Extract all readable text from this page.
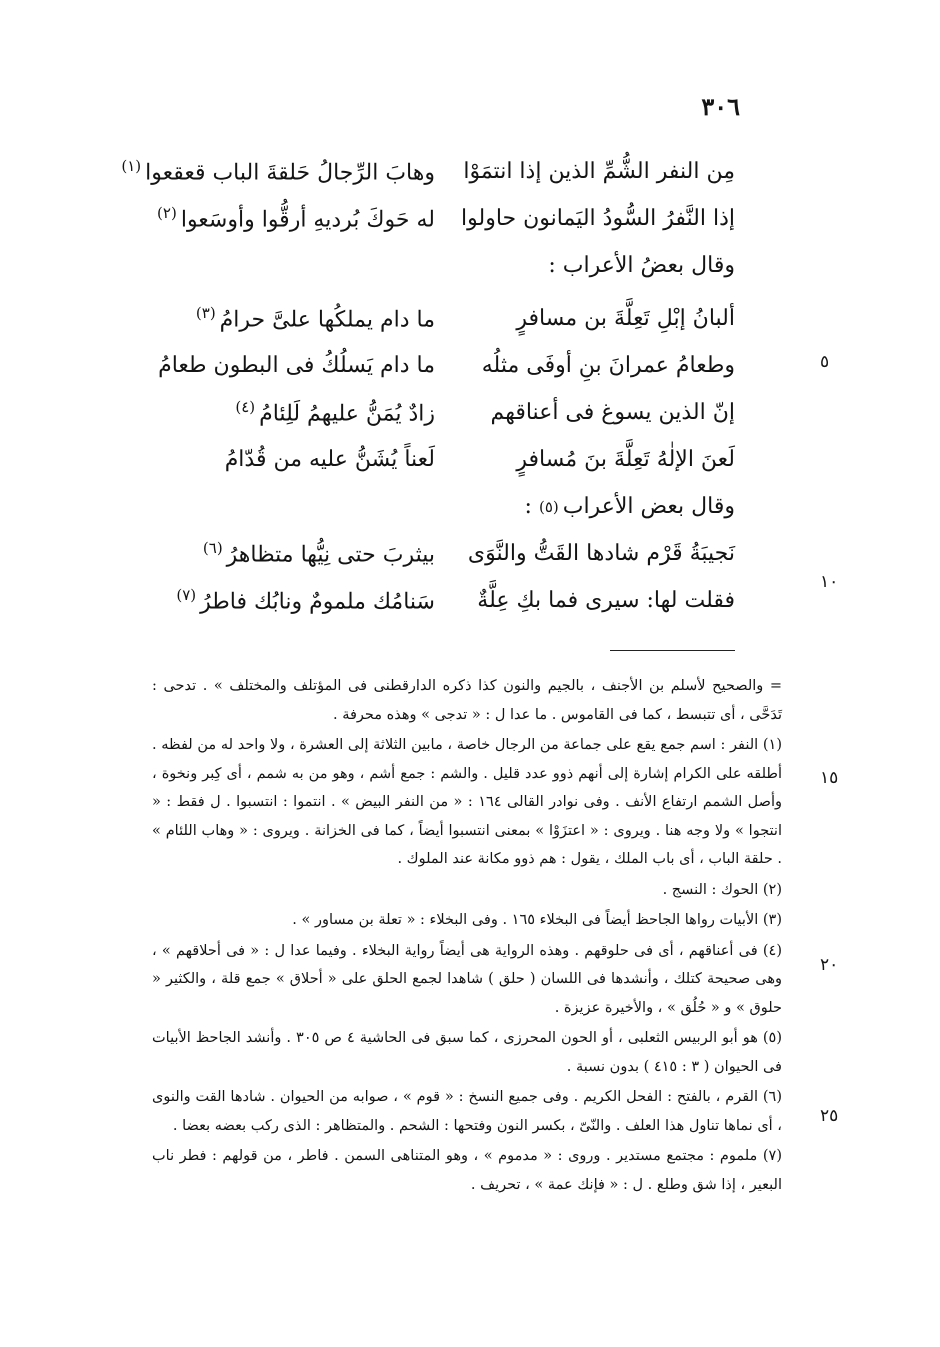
٣٠٦
مِن النفر الشُّمِّ الذين إذا انتمَوْا
وهابَ الرِّجالُ حَلقةَ الباب قعقعوا$^{(١)}$
إذا النَّفرُ السُّودُ اليَمانون حاولوا
له حَوكَ بُرديهِ أرقُّوا وأوسَعوا$^{(٢)}$
وقال بعضُ الأعراب :
ألبانُ إبْلِ تَعِلَّةَ بن مسافرٍ
ما دام يملكُها علىَّ حرامُ$^{(٣)}$
وطعامُ عمرانَ بنِ أوفَى مثلُه
ما دام يَسلُكُ فى البطون طعامُ
إنّ الذين يسوغ فى أعناقهم
زادٌ يُمَنُّ عليهمُ لَلِئامُ$^{(٤)}$
لَعنَ الإلٰهُ تَعِلَّةَ بنَ مُسافرٍ
لَعناً يُشَنُّ عليه من قُدّامُ
وقال بعض الأعراب
(٥)

:
نَجيبَةُ قَرْم شادها القَتُّ والنَّوَى
بيثربَ حتى نِيُّها متظاهرُ$^{(٦)}$
فقلت لها: سيرى فما بكِ عِلَّةٌ
سَنامُك ملمومٌ ونابُك فاطرُ$^{(٧)}$
٥
١٠
١٥
٢٠
٢٥

= والصحيح لأسلم بن الأجنف ، بالجيم والنون كذا ذكره الدارقطنى فى المؤتلف والمختلف » . تدحى : تَدَحَّى ، أى تتبسط ، كما فى القاموس . ما عدا ل : « تدجى » وهذه محرفة .

(١) النفر : اسم جمع يقع على جماعة من الرجال خاصة ، مابين الثلاثة إلى العشرة ، ولا واحد له من لفظه . أطلقه على الكرام إشارة إلى أنهم ذوو عدد قليل . والشم : جمع أشم ، وهو من به شمم ، أى كِبر ونخوة ، وأصل الشمم ارتفاع الأنف . وفى نوادر القالى ١٦٤ : « من النفر البيض » . انتموا : انتسبوا . ل فقط : « انتجوا » ولا وجه هنا . ويروى : « اعتزَوْا » بمعنى انتسبوا أيضاً ، كما فى الخزانة . ويروى : « وهاب اللئام » . حلقة الباب ، أى باب الملك ، يقول : هم ذوو مكانة عند الملوك .

(٢) الحوك : النسج .

(٣) الأبيات رواها الجاحظ أيضاً فى البخلاء ١٦٥ . وفى البخلاء : « تعلة بن مساور » .

(٤) فى أعناقهم ، أى فى حلوقهم . وهذه الرواية هى أيضاً رواية البخلاء . وفيما عدا ل : « فى أحلاقهم » ، وهى صحيحة كتلك ، وأنشدها فى اللسان ( حلق ) شاهدا لجمع الحلق على « أحلاق » جمع قلة ، والكثير « حلوق » و « حُلُق » ، والأخيرة عزيزة .

(٥) هو أبو الربيس الثعلبى ، أو الحون المحرزى ، كما سبق فى الحاشية ٤ ص ٣٠٥ . وأنشد الجاحظ الأبيات فى الحيوان ( ٣ : ٤١٥ ) بدون نسبة .

(٦) القرم ، بالفتح : الفحل الكريم . وفى جميع النسخ : « قوم » ، صوابه من الحيوان . شادها القت والنوى ، أى نماها تناول هذا العلف . والنّىّ ، بكسر النون وفتحها : الشحم . والمتظاهر : الذى ركب بعضه بعضا .

(٧) ملموم : مجتمع مستدير . وروى : « مدموم » ، وهو المتناهى السمن . فاطر ، من قولهم : فطر ناب البعير ، إذا شق وطلع . ل : « فإنك عمة » ، تحريف .
